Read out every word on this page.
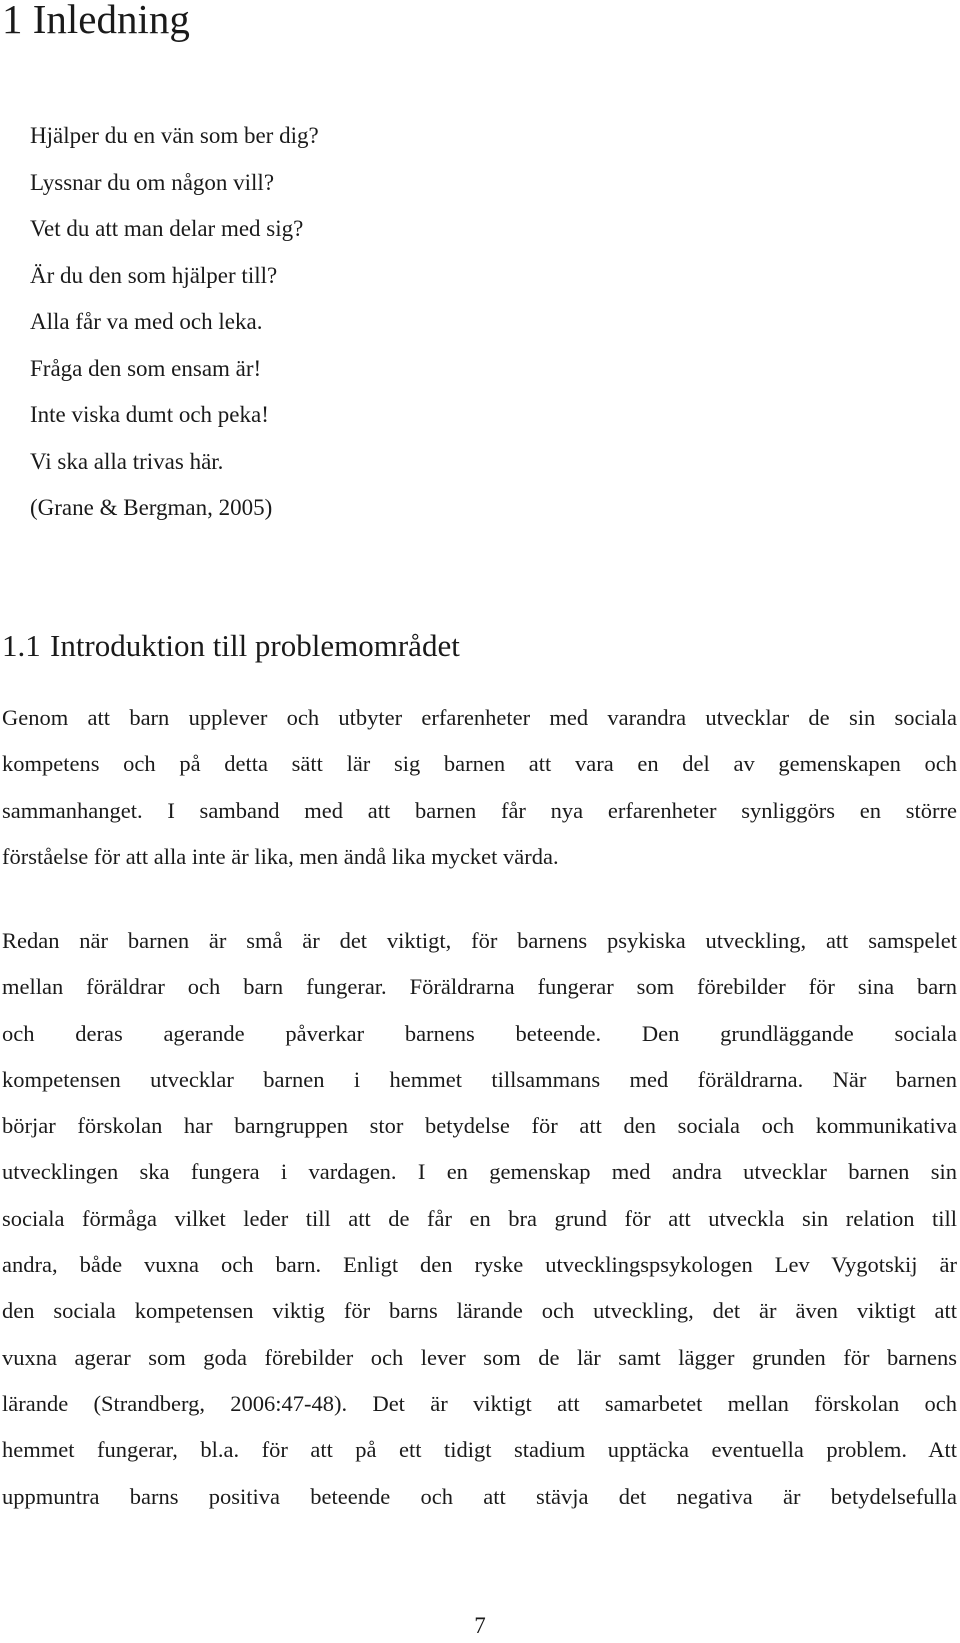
1 Inledning
Hjälper du en vän som ber dig?
Lyssnar du om någon vill?
Vet du att man delar med sig?
Är du den som hjälper till?
Alla får va med och leka.
Fråga den som ensam är!
Inte viska dumt och peka!
Vi ska alla trivas här.
(Grane & Bergman, 2005)
1.1 Introduktion till problemområdet
Genom att barn upplever och utbyter erfarenheter med varandra utvecklar de sin sociala
kompetens och på detta sätt lär sig barnen att vara en del av gemenskapen och
sammanhanget. I samband med att barnen får nya erfarenheter synliggörs en större
förståelse för att alla inte är lika, men ändå lika mycket värda.
Redan när barnen är små är det viktigt, för barnens psykiska utveckling, att samspelet
mellan föräldrar och barn fungerar. Föräldrarna fungerar som förebilder för sina barn
och deras agerande påverkar barnens beteende. Den grundläggande sociala
kompetensen utvecklar barnen i hemmet tillsammans med föräldrarna. När barnen
börjar förskolan har barngruppen stor betydelse för att den sociala och kommunikativa
utvecklingen ska fungera i vardagen. I en gemenskap med andra utvecklar barnen sin
sociala förmåga vilket leder till att de får en bra grund för att utveckla sin relation till
andra, både vuxna och barn. Enligt den ryske utvecklingspsykologen Lev Vygotskij är
den sociala kompetensen viktig för barns lärande och utveckling, det är även viktigt att
vuxna agerar som goda förebilder och lever som de lär samt lägger grunden för barnens
lärande (Strandberg, 2006:47-48). Det är viktigt att samarbetet mellan förskolan och
hemmet fungerar, bl.a. för att på ett tidigt stadium upptäcka eventuella problem. Att
uppmuntra barns positiva beteende och att stävja det negativa är betydelsefulla
7
